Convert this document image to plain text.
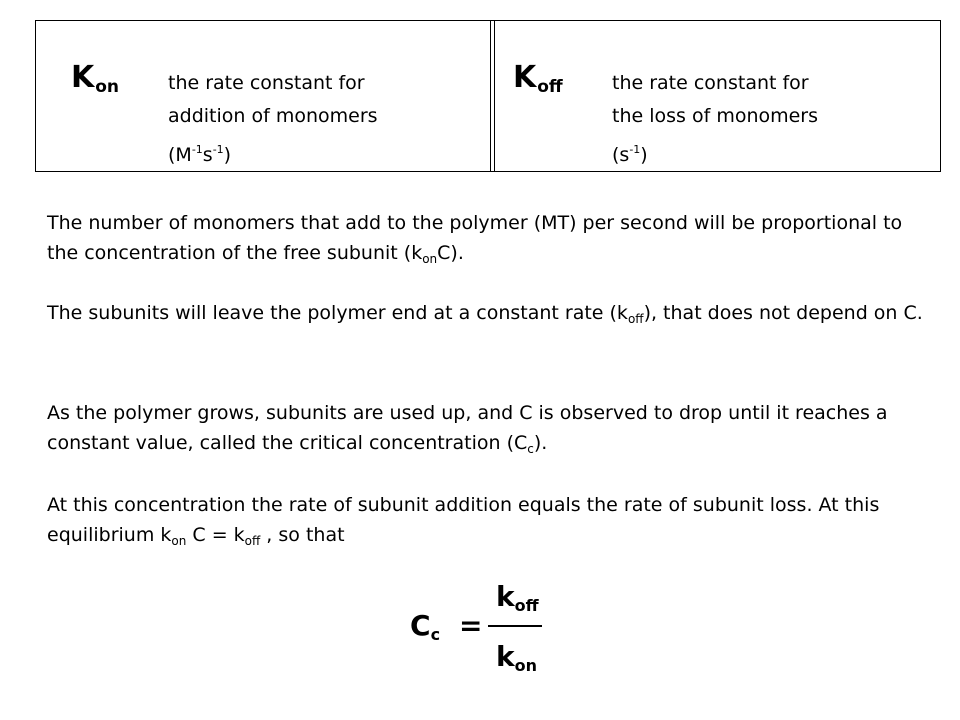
$K_{on}$	the rate constant for
addition of monomers
$(M^{-1}s^{-1})$
$K_{off}$	the rate constant for
the loss of monomers
$(s^{-1})$

The number of monomers that add to the polymer (MT) per second will be proportional to the concentration of the free subunit $(k_{on}C)$.

The subunits will leave the polymer end at a constant rate $(k_{off})$, that does not depend on C.

As the polymer grows, subunits are used up, and C is observed to drop until it reaches a constant value, called the critical concentration $(C_c)$.

At this concentration the rate of subunit addition equals the rate of subunit loss. At this equilibrium $k_{on}$ $C = k_{off}$ , so that

$C_c$ =
$k_{off}$
$k_{on}$
